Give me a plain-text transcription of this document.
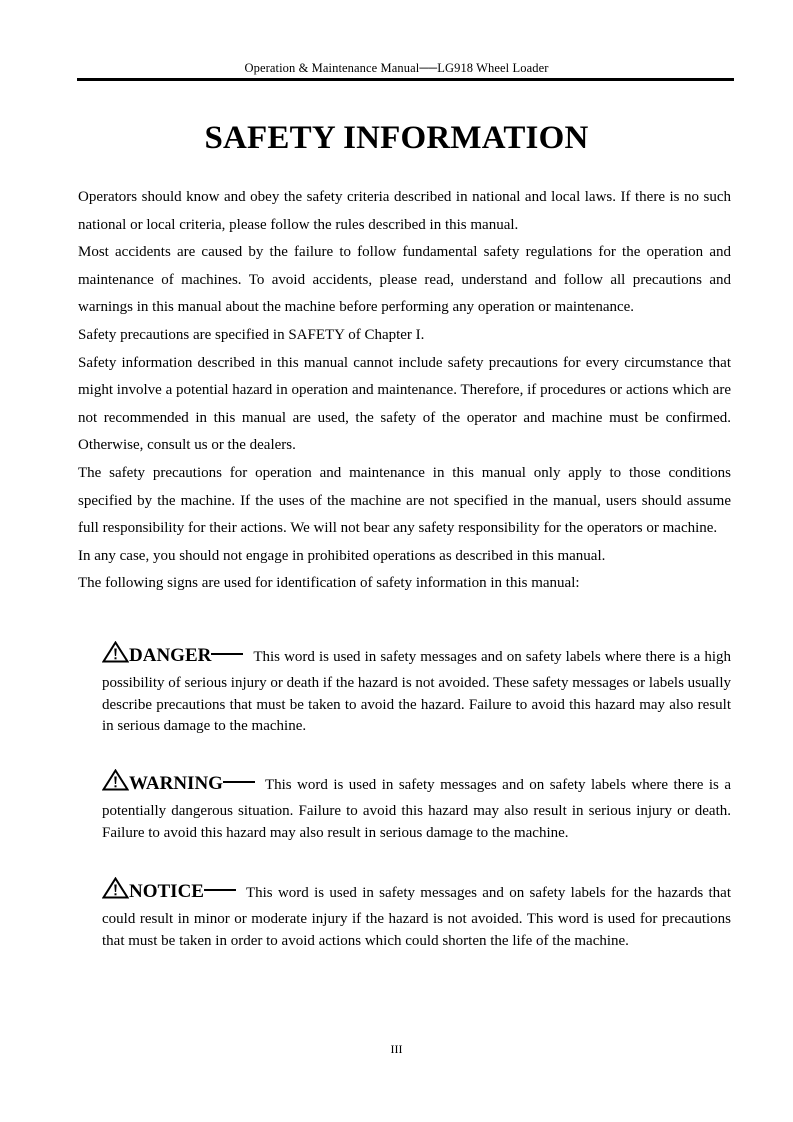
Operation & Maintenance Manual──LG918 Wheel Loader
SAFETY INFORMATION

Operators should know and obey the safety criteria described in national and local laws. If there is no such national or local criteria, please follow the rules described in this manual.

Most accidents are caused by the failure to follow fundamental safety regulations for the operation and maintenance of machines. To avoid accidents, please read, understand and follow all precautions and warnings in this manual about the machine before performing any operation or maintenance.

Safety precautions are specified in SAFETY of Chapter I.

Safety information described in this manual cannot include safety precautions for every circumstance that might involve a potential hazard in operation and maintenance. Therefore, if procedures or actions which are not recommended in this manual are used, the safety of the operator and machine must be confirmed. Otherwise, consult us or the dealers.

The safety precautions for operation and maintenance in this manual only apply to those conditions specified by the machine. If the uses of the machine are not specified in the manual, users should assume full responsibility for their actions. We will not bear any safety responsibility for the operators or machine.

In any case, you should not engage in prohibited operations as described in this manual.

The following signs are used for identification of safety information in this manual:

DANGER	This word is used in safety messages and on safety labels where there is a high possibility of serious injury or death if the hazard is not avoided. These safety messages or labels usually describe precautions that must be taken to avoid the hazard. Failure to avoid this hazard may also result in serious damage to the machine.

WARNING	This word is used in safety messages and on safety labels where there is a potentially dangerous situation. Failure to avoid this hazard may also result in serious injury or death. Failure to avoid this hazard may also result in serious damage to the machine.

NOTICE	This word is used in safety messages and on safety labels for the hazards that could result in minor or moderate injury if the hazard is not avoided. This word is used for precautions that must be taken in order to avoid actions which could shorten the life of the machine.

III
